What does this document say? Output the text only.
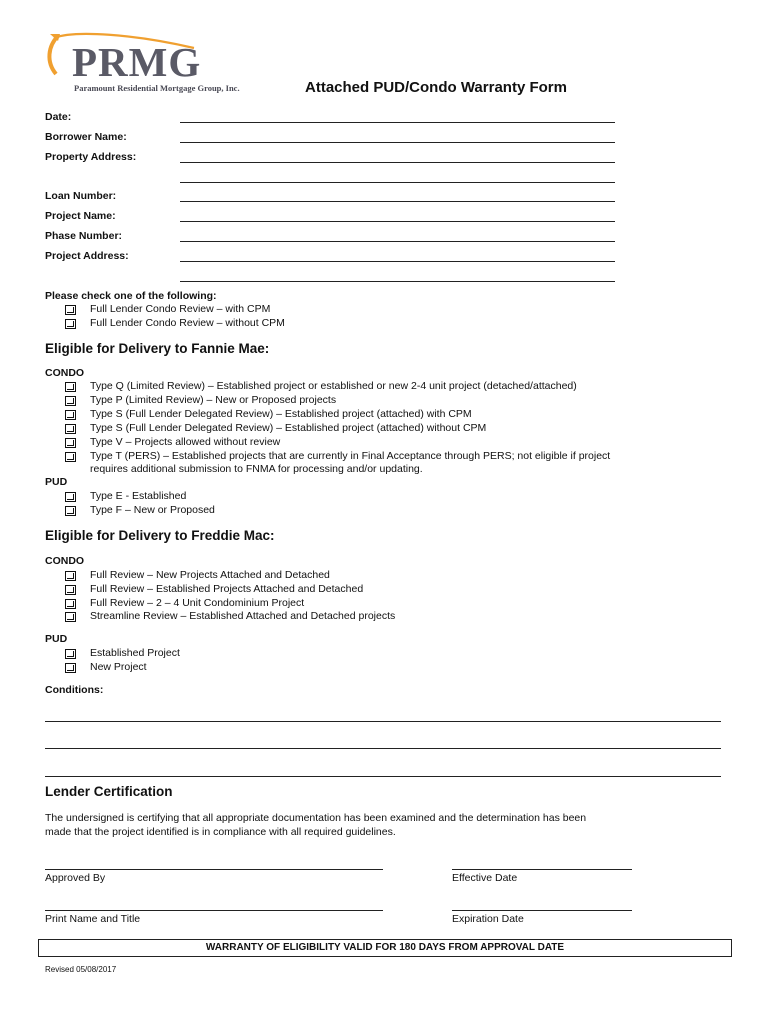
PRMG
Paramount Residential Mortgage Group, Inc.	Attached PUD/Condo Warranty Form
Date:
Borrower Name:
Property Address:
Loan Number:
Project Name:
Phase Number:
Project Address:
Please check one of the following:
Full Lender Condo Review – with CPM
Full Lender Condo Review – without CPM
Eligible for Delivery to Fannie Mae:
CONDO
Type Q (Limited Review) – Established project or established or new 2-4 unit project (detached/attached)
Type P (Limited Review) – New or Proposed projects
Type S (Full Lender Delegated Review) – Established project (attached) with CPM
Type S (Full Lender Delegated Review) – Established project (attached) without CPM
Type V – Projects allowed without review
Type T (PERS) – Established projects that are currently in Final Acceptance through PERS; not eligible if project
requires additional submission to FNMA for processing and/or updating.
PUD
Type E - Established
Type F – New or Proposed
Eligible for Delivery to Freddie Mac:
CONDO
Full Review – New Projects Attached and Detached
Full Review – Established Projects Attached and Detached
Full Review – 2 – 4 Unit Condominium Project
Streamline Review – Established Attached and Detached projects
PUD
Established Project
New Project
Conditions:
Lender Certification
The undersigned is certifying that all appropriate documentation has been examined and the determination has been
made that the project identified is in compliance with all required guidelines.
Approved By	Effective Date
Print Name and Title	Expiration Date
WARRANTY OF ELIGIBILITY VALID FOR 180 DAYS FROM APPROVAL DATE
Revised 05/08/2017
